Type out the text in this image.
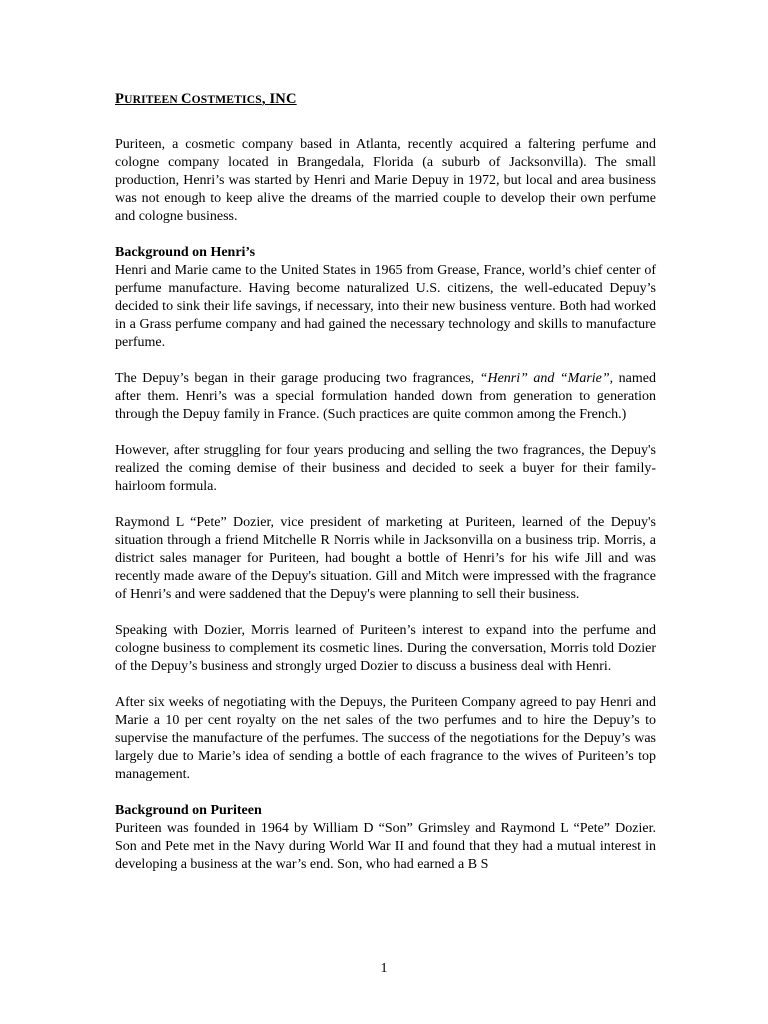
PURITEEN COSTMETICS, INC

Puriteen, a cosmetic company based in Atlanta, recently acquired a faltering perfume and cologne company located in Brangedala, Florida (a suburb of Jacksonvilla). The small production, Henri’s was started by Henri and Marie Depuy in 1972, but local and area business was not enough to keep alive the dreams of the married couple to develop their own perfume and cologne business.

Background on Henri’s

Henri and Marie came to the United States in 1965 from Grease, France, world’s chief center of perfume manufacture. Having become naturalized U.S. citizens, the well-educated Depuy’s decided to sink their life savings, if necessary, into their new business venture. Both had worked in a Grass perfume company and had gained the necessary technology and skills to manufacture perfume.

The Depuy’s began in their garage producing two fragrances, “Henri” and “Marie”, named after them. Henri’s was a special formulation handed down from generation to generation through the Depuy family in France. (Such practices are quite common among the French.)

However, after struggling for four years producing and selling the two fragrances, the Depuy's realized the coming demise of their business and decided to seek a buyer for their family-hairloom formula.

Raymond L “Pete” Dozier, vice president of marketing at Puriteen, learned of the Depuy's situation through a friend Mitchelle R Norris while in Jacksonvilla on a business trip. Morris, a district sales manager for Puriteen, had bought a bottle of Henri’s for his wife Jill and was recently made aware of the Depuy's situation. Gill and Mitch were impressed with the fragrance of Henri’s and were saddened that the Depuy's were planning to sell their business.

Speaking with Dozier, Morris learned of Puriteen’s interest to expand into the perfume and cologne business to complement its cosmetic lines. During the conversation, Morris told Dozier of the Depuy’s business and strongly urged Dozier to discuss a business deal with Henri.

After six weeks of negotiating with the Depuys, the Puriteen Company agreed to pay Henri and Marie a 10 per cent royalty on the net sales of the two perfumes and to hire the Depuy’s to supervise the manufacture of the perfumes. The success of the negotiations for the Depuy’s was largely due to Marie’s idea of sending a bottle of each fragrance to the wives of Puriteen’s top management.

Background on Puriteen

Puriteen was founded in 1964 by William D “Son” Grimsley and Raymond L “Pete” Dozier. Son and Pete met in the Navy during World War II and found that they had a mutual interest in developing a business at the war’s end. Son, who had earned a B S

1
